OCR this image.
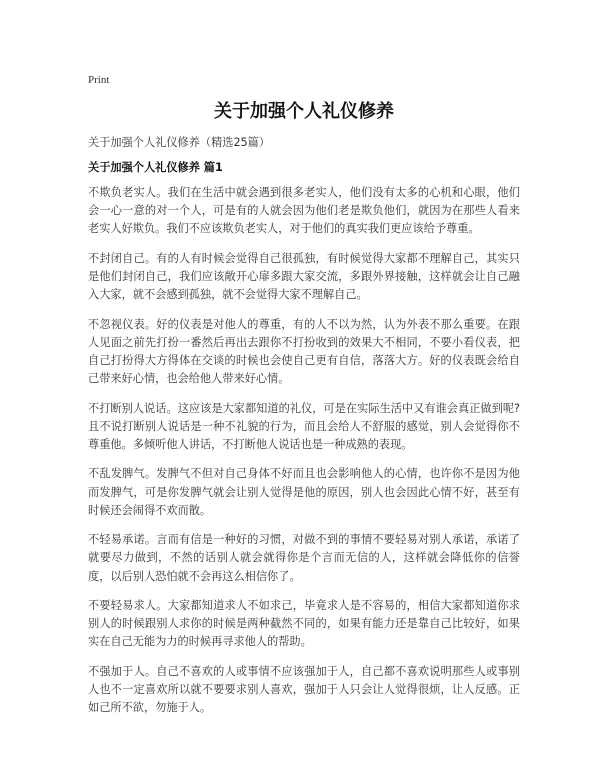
Print
关于加强个人礼仪修养
关于加强个人礼仪修养（精选25篇）
关于加强个人礼仪修养 篇1

不欺负老实人。我们在生活中就会遇到很多老实人，他们没有太多的心机和心眼，他们会一心一意的对一个人，可是有的人就会因为他们老是欺负他们，就因为在那些人看来老实人好欺负。我们不应该欺负老实人，对于他们的真实我们更应该给予尊重。

不封闭自己。有的人有时候会觉得自己很孤独，有时候觉得大家都不理解自己，其实只是他们封闭自己，我们应该敞开心扉多跟大家交流，多跟外界接触，这样就会让自己融入大家，就不会感到孤独，就不会觉得大家不理解自己。

不忽视仪表。好的仪表是对他人的尊重，有的人不以为然，认为外表不那么重要。在跟人见面之前先打扮一番然后再出去跟你不打扮收到的效果大不相同，不要小看仪表，把自己打扮得大方得体在交谈的时候也会使自己更有自信，落落大方。好的仪表既会给自己带来好心情，也会给他人带来好心情。

不打断别人说话。这应该是大家都知道的礼仪，可是在实际生活中又有谁会真正做到呢?且不说打断别人说话是一种不礼貌的行为，而且会给人不舒服的感觉，别人会觉得你不尊重他。多倾听他人讲话，不打断他人说话也是一种成熟的表现。

不乱发脾气。发脾气不但对自己身体不好而且也会影响他人的心情，也许你不是因为他而发脾气，可是你发脾气就会让别人觉得是他的原因，别人也会因此心情不好，甚至有时候还会闹得不欢而散。

不轻易承诺。言而有信是一种好的习惯，对做不到的事情不要轻易对别人承诺，承诺了就要尽力做到，不然的话别人就会就得你是个言而无信的人，这样就会降低你的信誉度，以后别人恐怕就不会再这么相信你了。

不要轻易求人。大家都知道求人不如求己，毕竟求人是不容易的，相信大家都知道你求别人的时候跟别人求你的时候是两种截然不同的，如果有能力还是靠自己比较好，如果实在自己无能为力的时候再寻求他人的帮助。

不强加于人。自己不喜欢的人或事情不应该强加于人，自己都不喜欢说明那些人或事别人也不一定喜欢所以就不要要求别人喜欢，强加于人只会让人觉得很烦，让人反感。正如己所不欲，勿施于人。
